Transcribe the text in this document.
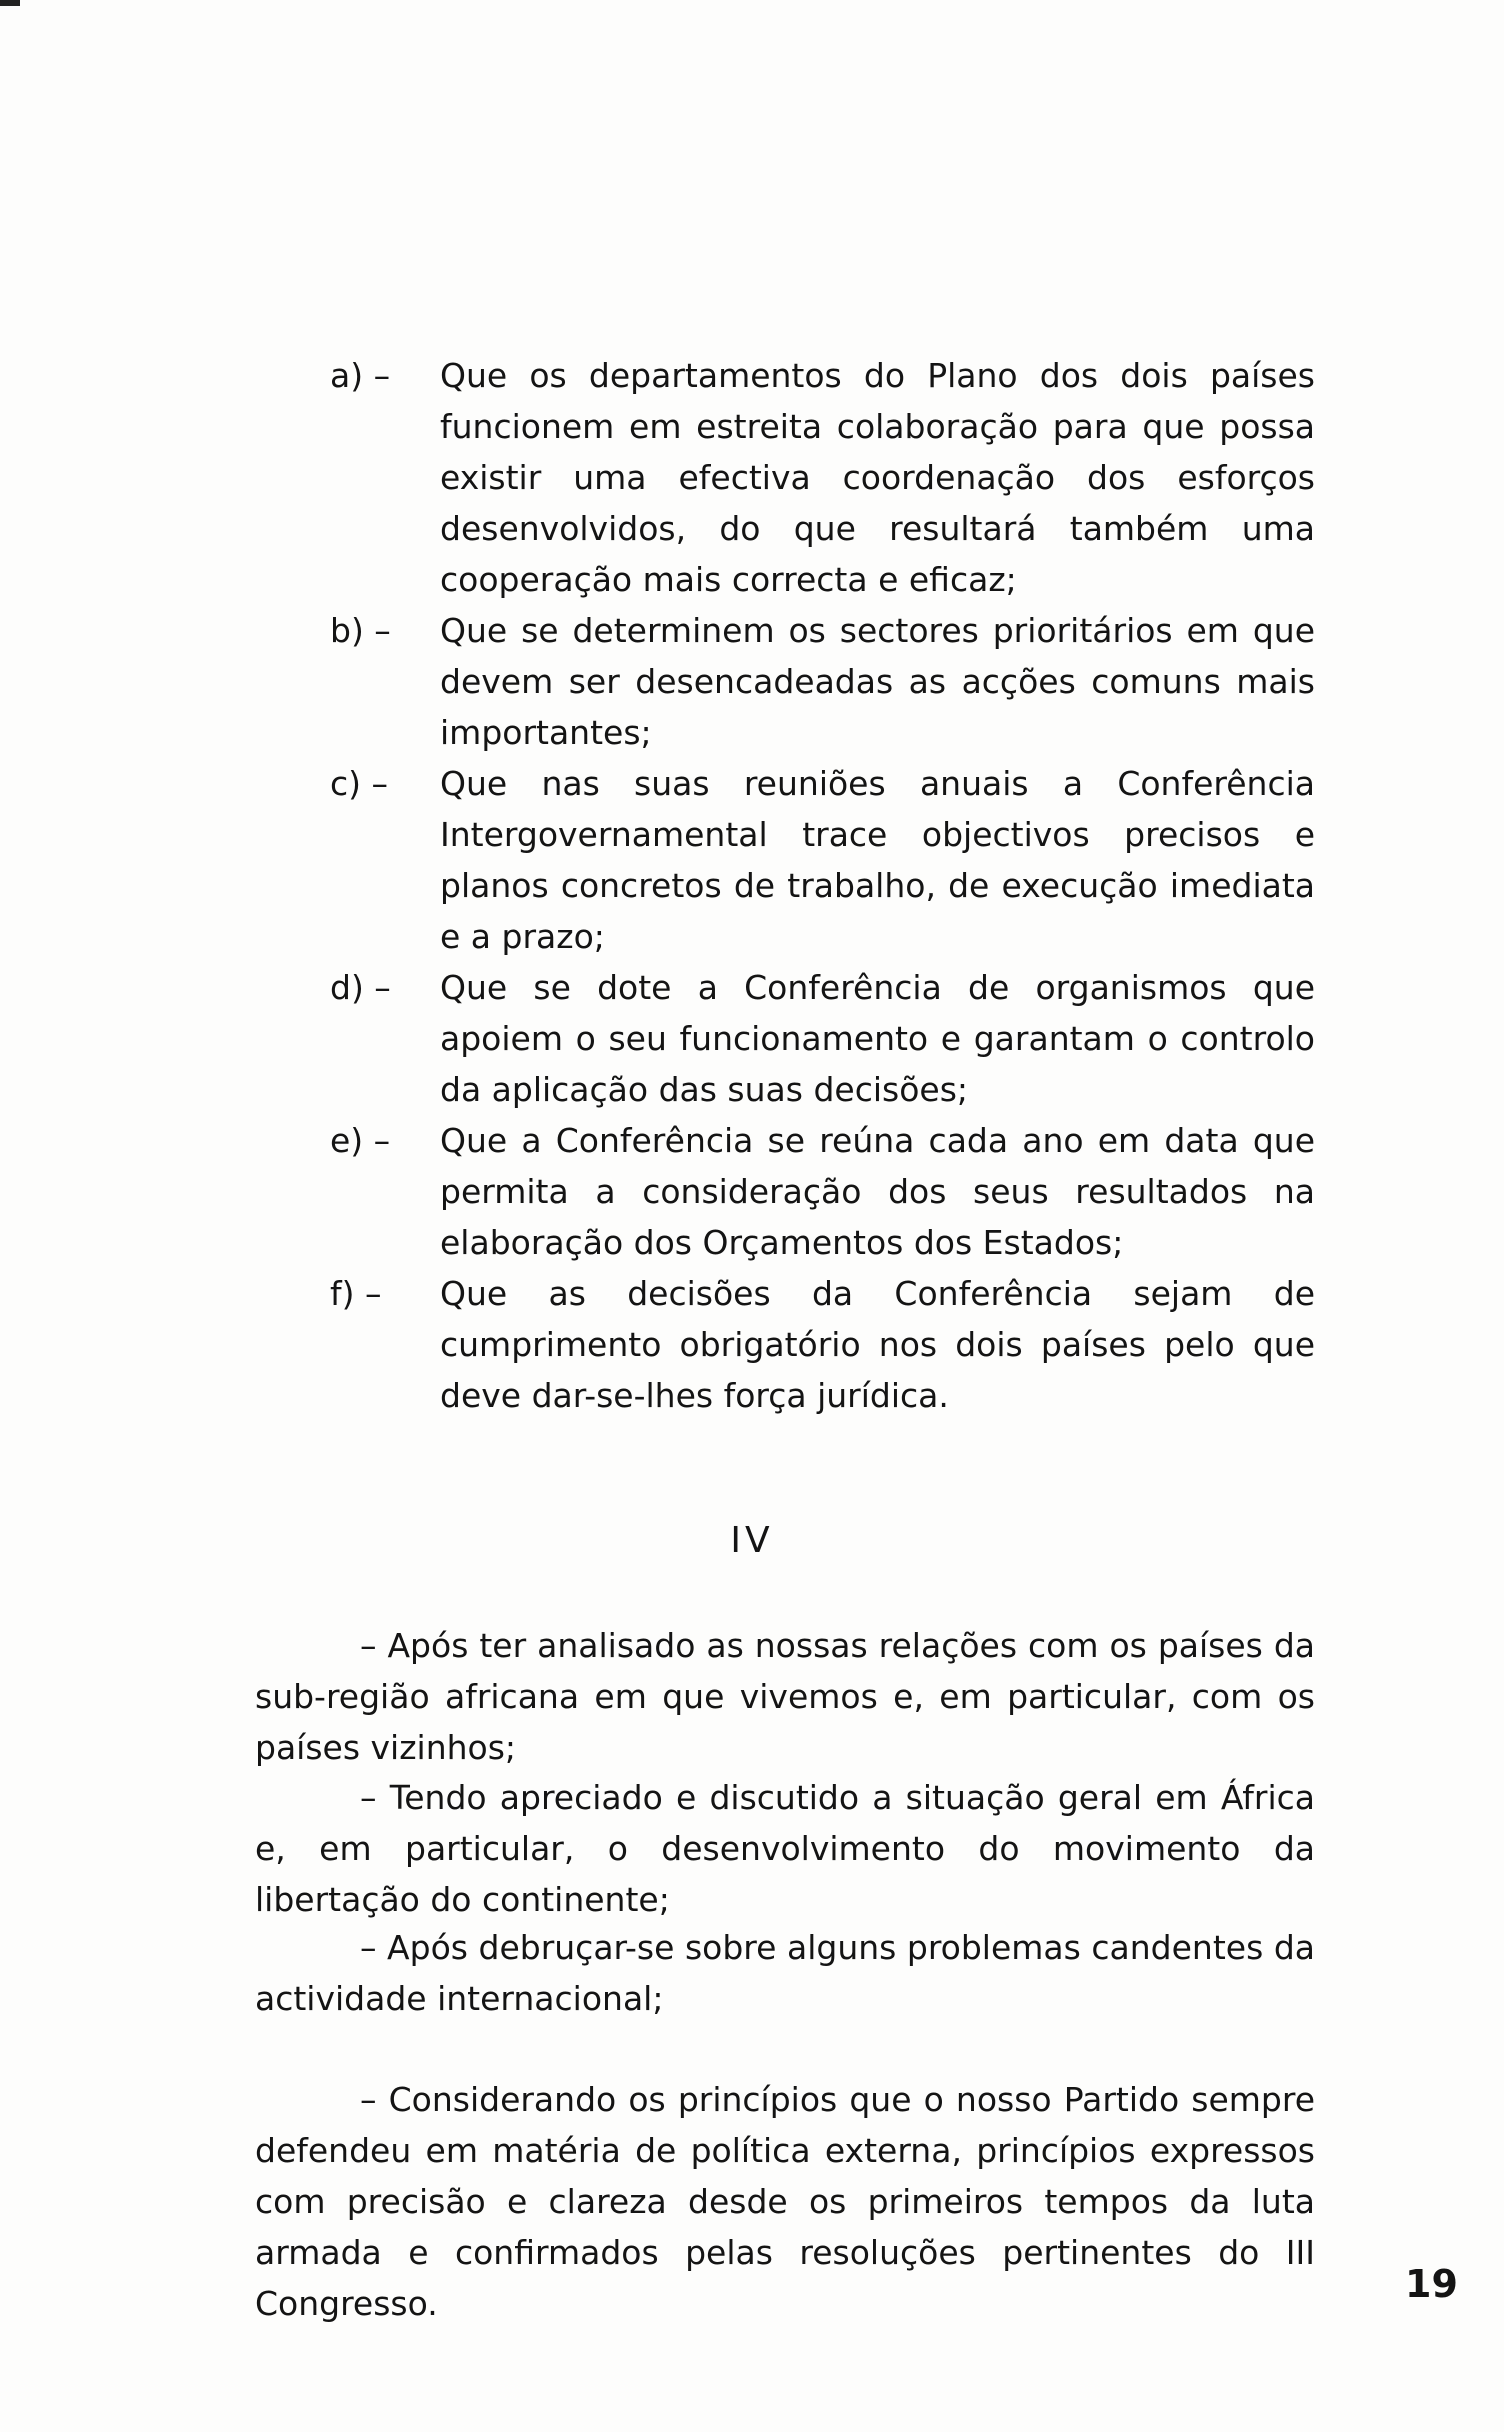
a) –	Que os departamentos do Plano dos dois países funcionem em estreita colaboração para que possa existir uma efectiva coordenação dos esforços desenvolvidos, do que resultará também uma cooperação mais correcta e eficaz;
b) –	Que se determinem os sectores prioritários em que devem ser desencadeadas as acções comuns mais importantes;
c) –	Que nas suas reuniões anuais a Conferência Intergovernamental trace objectivos precisos e planos concretos de trabalho, de execução imediata e a prazo;
d) –	Que se dote a Conferência de organismos que apoiem o seu funcionamento e garantam o controlo da aplicação das suas decisões;
e) –	Que a Conferência se reúna cada ano em data que permita a consideração dos seus resultados na elaboração dos Orçamentos dos Estados;
f) –	Que as decisões da Conferência sejam de cumprimento obrigatório nos dois países pelo que deve dar-se-lhes força jurídica.
IV

– Após ter analisado as nossas relações com os países da sub-região africana em que vivemos e, em particular, com os países vizinhos;

– Tendo apreciado e discutido a situação geral em África e, em particular, o desenvolvimento do movimento da libertação do continente;

– Após debruçar-se sobre alguns problemas candentes da actividade internacional;

– Considerando os princípios que o nosso Partido sempre defendeu em matéria de política externa, princípios expressos com precisão e clareza desde os primeiros tempos da luta armada e confirmados pelas resoluções pertinentes do III Congresso.	19
